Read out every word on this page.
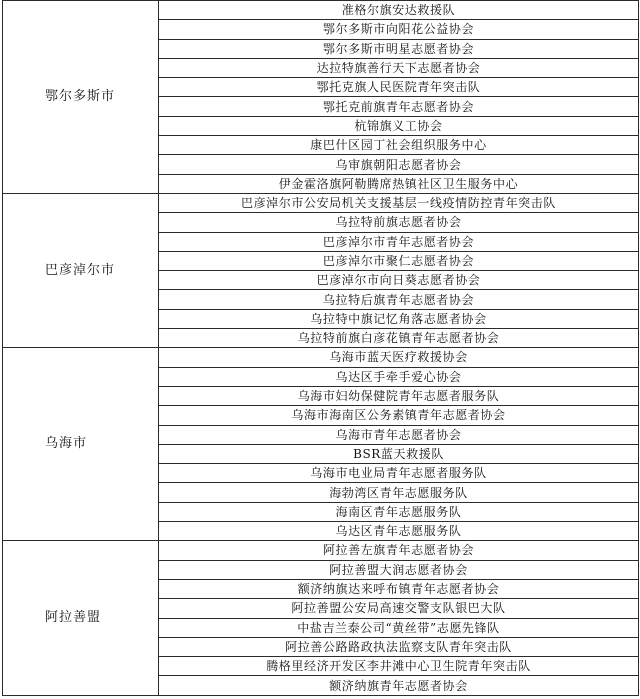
鄂尔多斯市	准格尔旗安达救援队
	鄂尔多斯市向阳花公益协会
	鄂尔多斯市明星志愿者协会
	达拉特旗善行天下志愿者协会
	鄂托克旗人民医院青年突击队
	鄂托克前旗青年志愿者协会
	杭锦旗义工协会
	康巴什区园丁社会组织服务中心
	乌审旗朝阳志愿者协会
	伊金霍洛旗阿勒腾席热镇社区卫生服务中心
巴彦淖尔市	巴彦淖尔市公安局机关支援基层一线疫情防控青年突击队
	乌拉特前旗志愿者协会
	巴彦淖尔市青年志愿者协会
	巴彦淖尔市聚仁志愿者协会
	巴彦淖尔市向日葵志愿者协会
	乌拉特后旗青年志愿者协会
	乌拉特中旗记忆角落志愿者协会
	乌拉特前旗白彦花镇青年志愿者协会
乌海市	乌海市蓝天医疗救援协会
	乌达区手牵手爱心协会
	乌海市妇幼保健院青年志愿者服务队
	乌海市海南区公务素镇青年志愿者协会
	乌海市青年志愿者协会
	BSR蓝天救援队
	乌海市电业局青年志愿者服务队
	海勃湾区青年志愿服务队
	海南区青年志愿服务队
	乌达区青年志愿服务队
阿拉善盟	阿拉善左旗青年志愿者协会
	阿拉善盟大润志愿者协会
	额济纳旗达来呼布镇青年志愿者协会
	阿拉善盟公安局高速交警支队银巴大队
	中盐吉兰泰公司“黄丝带”志愿先锋队
	阿拉善公路路政执法监察支队青年突击队
	腾格里经济开发区李井滩中心卫生院青年突击队
	额济纳旗青年志愿者协会
